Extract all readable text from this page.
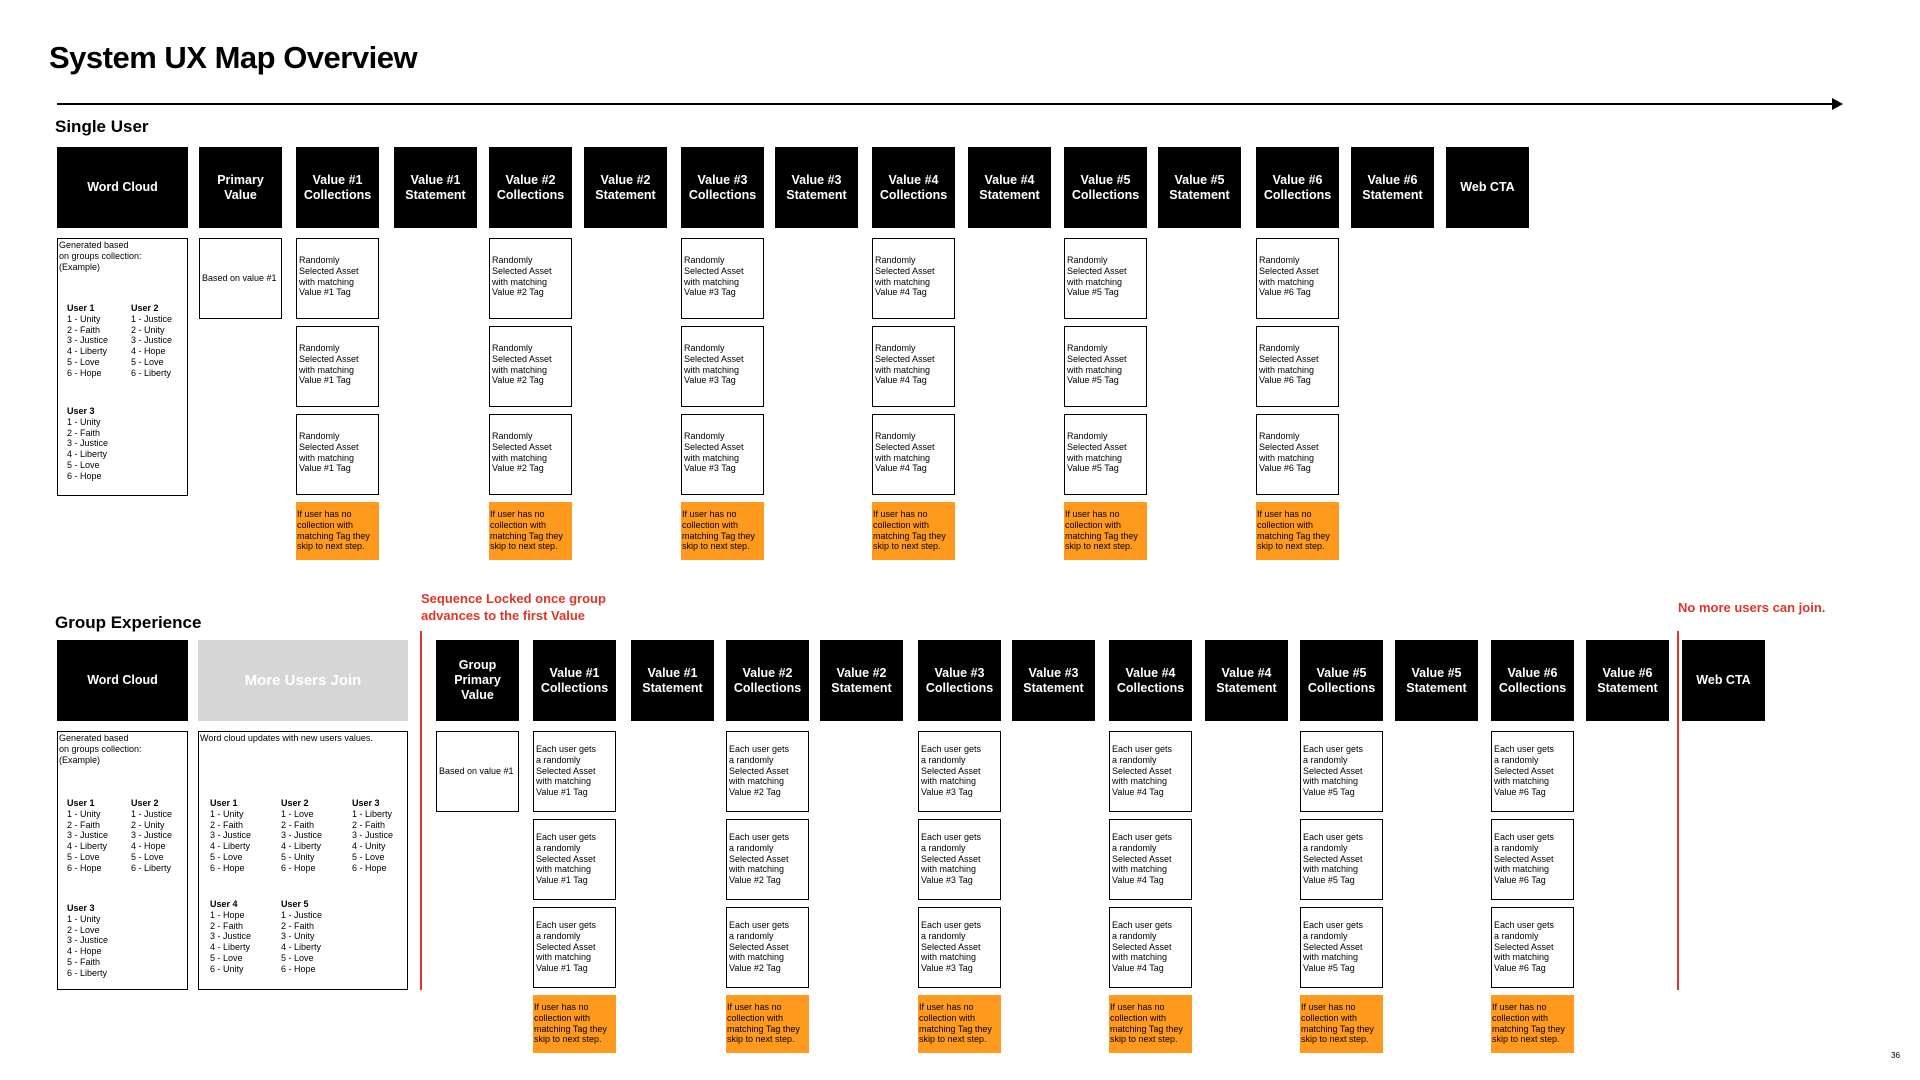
System UX Map Overview
Single User
Word Cloud
Primary
Value
Value #1
Collections
Value #1
Statement
Value #2
Collections
Value #2
Statement
Value #3
Collections
Value #3
Statement
Value #4
Collections
Value #4
Statement
Value #5
Collections
Value #5
Statement
Value #6
Collections
Value #6
Statement
Web CTA
Generated based
on groups collection:
(Example)
User 1
1 - Unity
2 - Faith
3 - Justice
4 - Liberty
5 - Love
6 - Hope
User 2
1 - Justice
2 - Unity
3 - Justice
4 - Hope
5 - Love
6 - Liberty
User 3
1 - Unity
2 - Faith
3 - Justice
4 - Liberty
5 - Love
6 - Hope
Based on value #1
Randomly
Selected Asset
with matching
Value #1 Tag
Randomly
Selected Asset
with matching
Value #1 Tag
Randomly
Selected Asset
with matching
Value #1 Tag
If user has no
collection with
matching Tag they
skip to next step.
Randomly
Selected Asset
with matching
Value #2 Tag
Randomly
Selected Asset
with matching
Value #2 Tag
Randomly
Selected Asset
with matching
Value #2 Tag
If user has no
collection with
matching Tag they
skip to next step.
Randomly
Selected Asset
with matching
Value #3 Tag
Randomly
Selected Asset
with matching
Value #3 Tag
Randomly
Selected Asset
with matching
Value #3 Tag
If user has no
collection with
matching Tag they
skip to next step.
Randomly
Selected Asset
with matching
Value #4 Tag
Randomly
Selected Asset
with matching
Value #4 Tag
Randomly
Selected Asset
with matching
Value #4 Tag
If user has no
collection with
matching Tag they
skip to next step.
Randomly
Selected Asset
with matching
Value #5 Tag
Randomly
Selected Asset
with matching
Value #5 Tag
Randomly
Selected Asset
with matching
Value #5 Tag
If user has no
collection with
matching Tag they
skip to next step.
Randomly
Selected Asset
with matching
Value #6 Tag
Randomly
Selected Asset
with matching
Value #6 Tag
Randomly
Selected Asset
with matching
Value #6 Tag
If user has no
collection with
matching Tag they
skip to next step.
Group Experience
Sequence Locked once group
advances to the first Value
No more users can join.
Word Cloud	More Users Join
Group
Primary
Value
Value #1
Collections
Value #1
Statement
Value #2
Collections
Value #2
Statement
Value #3
Collections
Value #3
Statement
Value #4
Collections
Value #4
Statement
Value #5
Collections
Value #5
Statement
Value #6
Collections
Value #6
Statement
Web CTA
Generated based
on groups collection:
(Example)
User 1
1 - Unity
2 - Faith
3 - Justice
4 - Liberty
5 - Love
6 - Hope
User 2
1 - Justice
2 - Unity
3 - Justice
4 - Hope
5 - Love
6 - Liberty
User 3
1 - Unity
2 - Love
3 - Justice
4 - Hope
5 - Faith
6 - Liberty
Word cloud updates with new users values.
User 1
1 - Unity
2 - Faith
3 - Justice
4 - Liberty
5 - Love
6 - Hope
User 2
1 - Love
2 - Faith
3 - Justice
4 - Liberty
5 - Unity
6 - Hope
User 3
1 - Liberty
2 - Faith
3 - Justice
4 - Unity
5 - Love
6 - Hope
User 4
1 - Hope
2 - Faith
3 - Justice
4 - Liberty
5 - Love
6 - Unity
User 5
1 - Justice
2 - Faith
3 - Unity
4 - Liberty
5 - Love
6 - Hope
Based on value #1
Each user gets
a randomly
Selected Asset
with matching
Value #1 Tag
Each user gets
a randomly
Selected Asset
with matching
Value #1 Tag
Each user gets
a randomly
Selected Asset
with matching
Value #1 Tag
If user has no
collection with
matching Tag they
skip to next step.
Each user gets
a randomly
Selected Asset
with matching
Value #2 Tag
Each user gets
a randomly
Selected Asset
with matching
Value #2 Tag
Each user gets
a randomly
Selected Asset
with matching
Value #2 Tag
If user has no
collection with
matching Tag they
skip to next step.
Each user gets
a randomly
Selected Asset
with matching
Value #3 Tag
Each user gets
a randomly
Selected Asset
with matching
Value #3 Tag
Each user gets
a randomly
Selected Asset
with matching
Value #3 Tag
If user has no
collection with
matching Tag they
skip to next step.
Each user gets
a randomly
Selected Asset
with matching
Value #4 Tag
Each user gets
a randomly
Selected Asset
with matching
Value #4 Tag
Each user gets
a randomly
Selected Asset
with matching
Value #4 Tag
If user has no
collection with
matching Tag they
skip to next step.
Each user gets
a randomly
Selected Asset
with matching
Value #5 Tag
Each user gets
a randomly
Selected Asset
with matching
Value #5 Tag
Each user gets
a randomly
Selected Asset
with matching
Value #5 Tag
If user has no
collection with
matching Tag they
skip to next step.
Each user gets
a randomly
Selected Asset
with matching
Value #6 Tag
Each user gets
a randomly
Selected Asset
with matching
Value #6 Tag
Each user gets
a randomly
Selected Asset
with matching
Value #6 Tag
If user has no
collection with
matching Tag they
skip to next step.
36
